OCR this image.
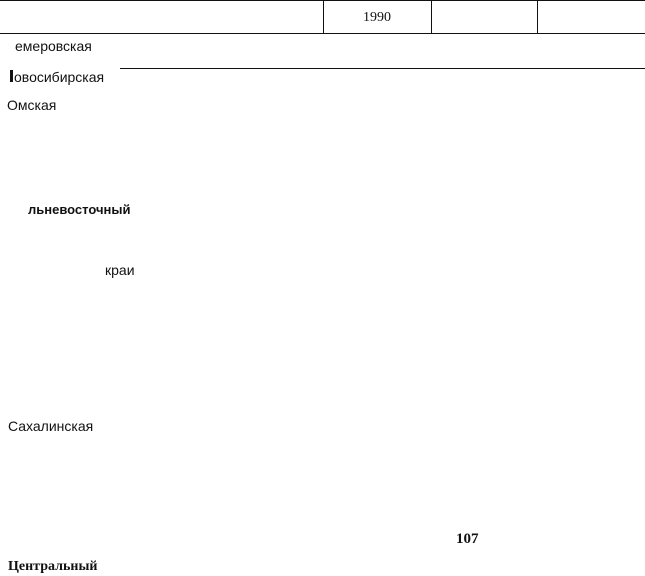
1990
емеровская
овосибирская
Омская
льневосточный
краи
Сахалинская
107
Центральный
